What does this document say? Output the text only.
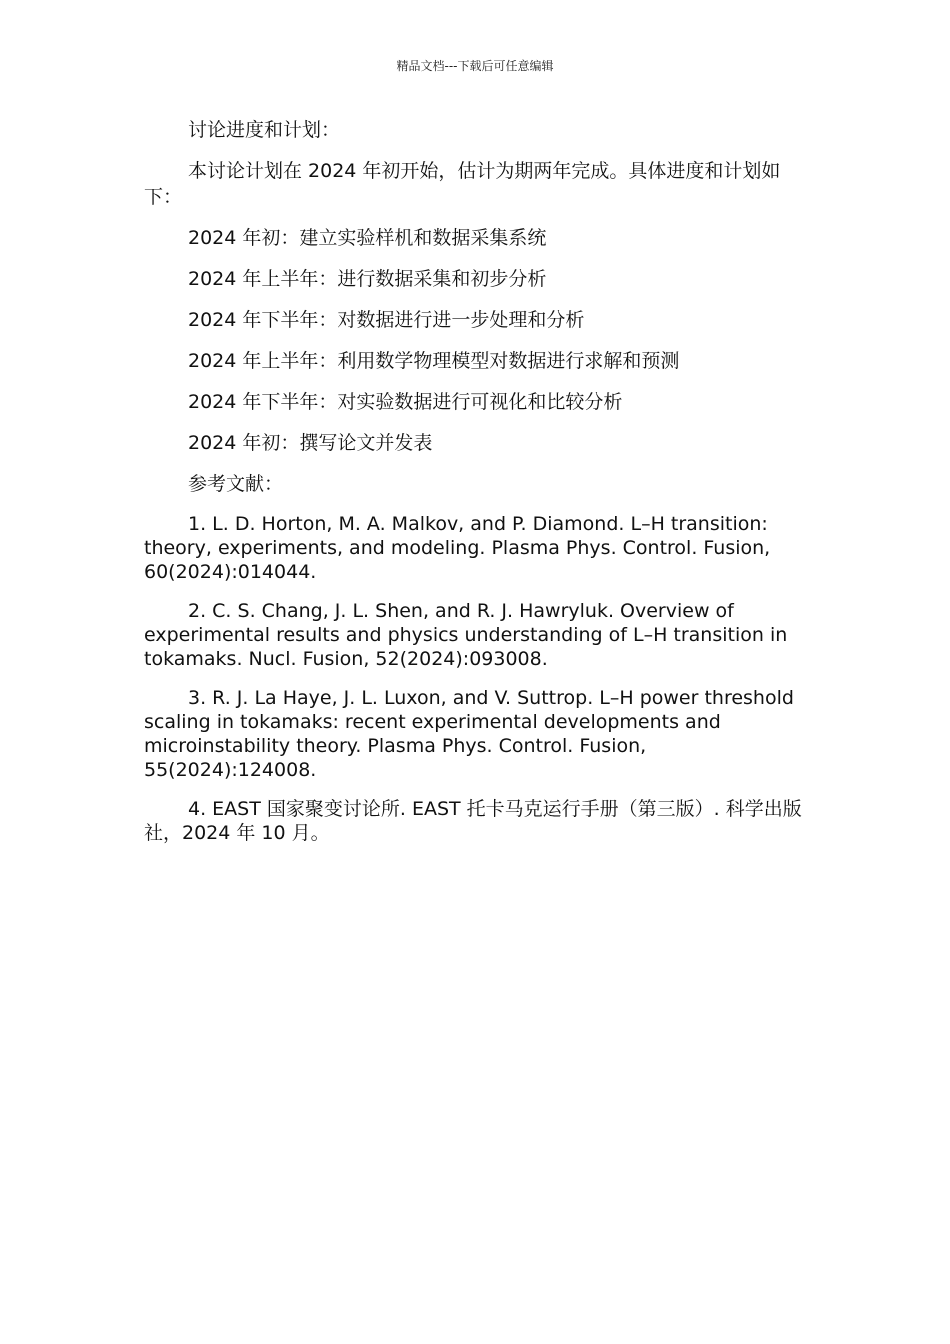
精品文档---下载后可任意编辑

讨论进度和计划：

本讨论计划在 2024 年初开始，估计为期两年完成。具体进度和计划如下：

2024 年初：建立实验样机和数据采集系统

2024 年上半年：进行数据采集和初步分析

2024 年下半年：对数据进行进一步处理和分析

2024 年上半年：利用数学物理模型对数据进行求解和预测

2024 年下半年：对实验数据进行可视化和比较分析

2024 年初：撰写论文并发表

参考文献：

1. L. D. Horton, M. A. Malkov, and P. Diamond. L–H transition: theory, experiments, and modeling. Plasma Phys. Control. Fusion, 60(2024):014044.

2. C. S. Chang, J. L. Shen, and R. J. Hawryluk. Overview of experimental results and physics understanding of L–H transition in tokamaks. Nucl. Fusion, 52(2024):093008.

3. R. J. La Haye, J. L. Luxon, and V. Suttrop. L–H power threshold scaling in tokamaks: recent experimental developments and microinstability theory. Plasma Phys. Control. Fusion, 55(2024):124008.

4. EAST 国家聚变讨论所. EAST 托卡马克运行手册（第三版）. 科学出版社，2024 年 10 月。
